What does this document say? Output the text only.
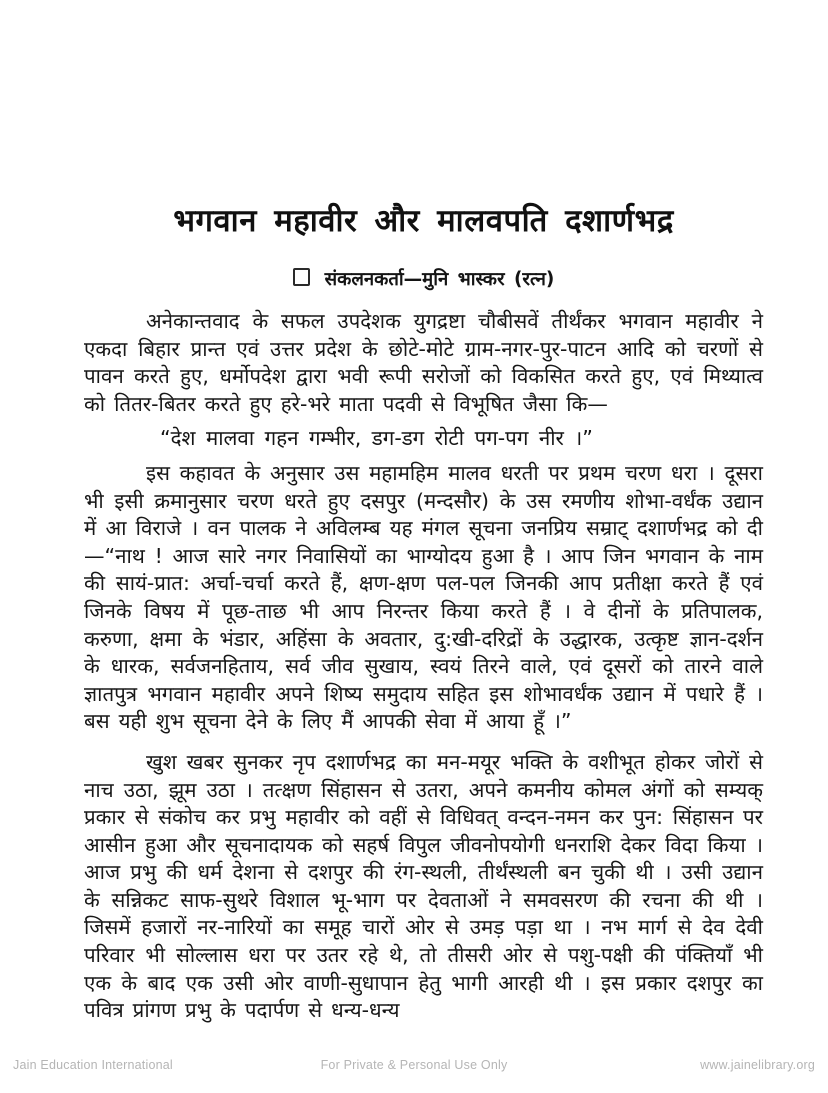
भगवान महावीर और मालवपति दशार्णभद्र
संकलनकर्ता—मुनि भास्कर (रत्न)

अनेकान्तवाद के सफल उपदेशक युगद्रष्टा चौबीसवें तीर्थंकर भगवान महावीर ने एकदा बिहार प्रान्त एवं उत्तर प्रदेश के छोटे-मोटे ग्राम-नगर-पुर-पाटन आदि को चरणों से पावन करते हुए, धर्मोपदेश द्वारा भवी रूपी सरोजों को विकसित करते हुए, एवं मिथ्यात्व को तितर-बितर करते हुए हरे-भरे माता पदवी से विभूषित जैसा कि—

“देश मालवा गहन गम्भीर, डग-डग रोटी पग-पग नीर ।”

इस कहावत के अनुसार उस महामहिम मालव धरती पर प्रथम चरण धरा । दूसरा भी इसी क्रमानुसार चरण धरते हुए दसपुर (मन्दसौर) के उस रमणीय शोभा-वर्धंक उद्यान में आ विराजे । वन पालक ने अविलम्ब यह मंगल सूचना जनप्रिय सम्राट् दशार्णभद्र को दी—“नाथ ! आज सारे नगर निवासियों का भाग्योदय हुआ है । आप जिन भगवान के नाम की सायं-प्रात: अर्चा-चर्चा करते हैं, क्षण-क्षण पल-पल जिनकी आप प्रतीक्षा करते हैं एवं जिनके विषय में पूछ-ताछ भी आप निरन्तर किया करते हैं । वे दीनों के प्रतिपालक, करुणा, क्षमा के भंडार, अहिंसा के अवतार, दु:खी-दरिद्रों के उद्धारक, उत्कृष्ट ज्ञान-दर्शन के धारक, सर्वजनहिताय, सर्व जीव सुखाय, स्वयं तिरने वाले, एवं दूसरों को तारने वाले ज्ञातपुत्र भगवान महावीर अपने शिष्य समुदाय सहित इस शोभावर्धंक उद्यान में पधारे हैं । बस यही शुभ सूचना देने के लिए मैं आपकी सेवा में आया हूँ ।”

खुश खबर सुनकर नृप दशार्णभद्र का मन-मयूर भक्ति के वशीभूत होकर जोरों से नाच उठा, झूम उठा । तत्क्षण सिंहासन से उतरा, अपने कमनीय कोमल अंगों को सम्यक् प्रकार से संकोच कर प्रभु महावीर को वहीं से विधिवत् वन्दन-नमन कर पुन: सिंहासन पर आसीन हुआ और सूचनादायक को सहर्ष विपुल जीवनोपयोगी धनराशि देकर विदा किया । आज प्रभु की धर्म देशना से दशपुर की रंग-स्थली, तीर्थंस्थली बन चुकी थी । उसी उद्यान के सन्निकट साफ-सुथरे विशाल भू-भाग पर देवताओं ने समवसरण की रचना की थी । जिसमें हजारों नर-नारियों का समूह चारों ओर से उमड़ पड़ा था । नभ मार्ग से देव देवी परिवार भी सोल्लास धरा पर उतर रहे थे, तो तीसरी ओर से पशु-पक्षी की पंक्तियाँ भी एक के बाद एक उसी ओर वाणी-सुधापान हेतु भागी आरही थी । इस प्रकार दशपुर का पवित्र प्रांगण प्रभु के पदार्पण से धन्य-धन्य

Jain Education International	For Private & Personal Use Only	www.jainelibrary.org
